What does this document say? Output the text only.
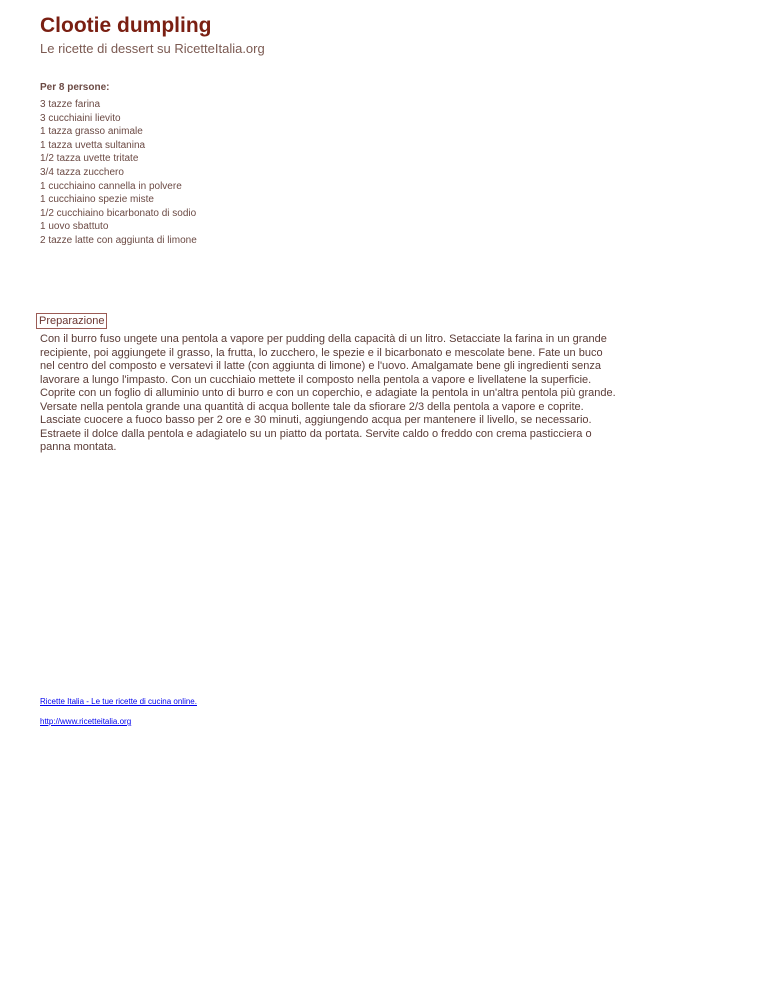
Clootie dumpling
Le ricette di dessert su RicetteItalia.org
Per 8 persone:
3 tazze farina
3 cucchiaini lievito
1 tazza grasso animale
1 tazza uvetta sultanina
1/2 tazza uvette tritate
3/4 tazza zucchero
1 cucchiaino cannella in polvere
1 cucchiaino spezie miste
1/2 cucchiaino bicarbonato di sodio
1 uovo sbattuto
2 tazze latte con aggiunta di limone
Preparazione

Con il burro fuso ungete una pentola a vapore per pudding della capacità di un litro. Setacciate la farina in un grande recipiente, poi aggiungete il grasso, la frutta, lo zucchero, le spezie e il bicarbonato e mescolate bene. Fate un buco nel centro del composto e versatevi il latte (con aggiunta di limone) e l'uovo. Amalgamate bene gli ingredienti senza lavorare a lungo l'impasto. Con un cucchiaio mettete il composto nella pentola a vapore e livellatene la superficie. Coprite con un foglio di alluminio unto di burro e con un coperchio, e adagiate la pentola in un'altra pentola più grande. Versate nella pentola grande una quantità di acqua bollente tale da sfiorare 2/3 della pentola a vapore e coprite. Lasciate cuocere a fuoco basso per 2 ore e 30 minuti, aggiungendo acqua per mantenere il livello, se necessario. Estraete il dolce dalla pentola e adagiatelo su un piatto da portata. Servite caldo o freddo con crema pasticciera o panna montata.

Ricette Italia - Le tue ricette di cucina online.
http://www.ricetteitalia.org
